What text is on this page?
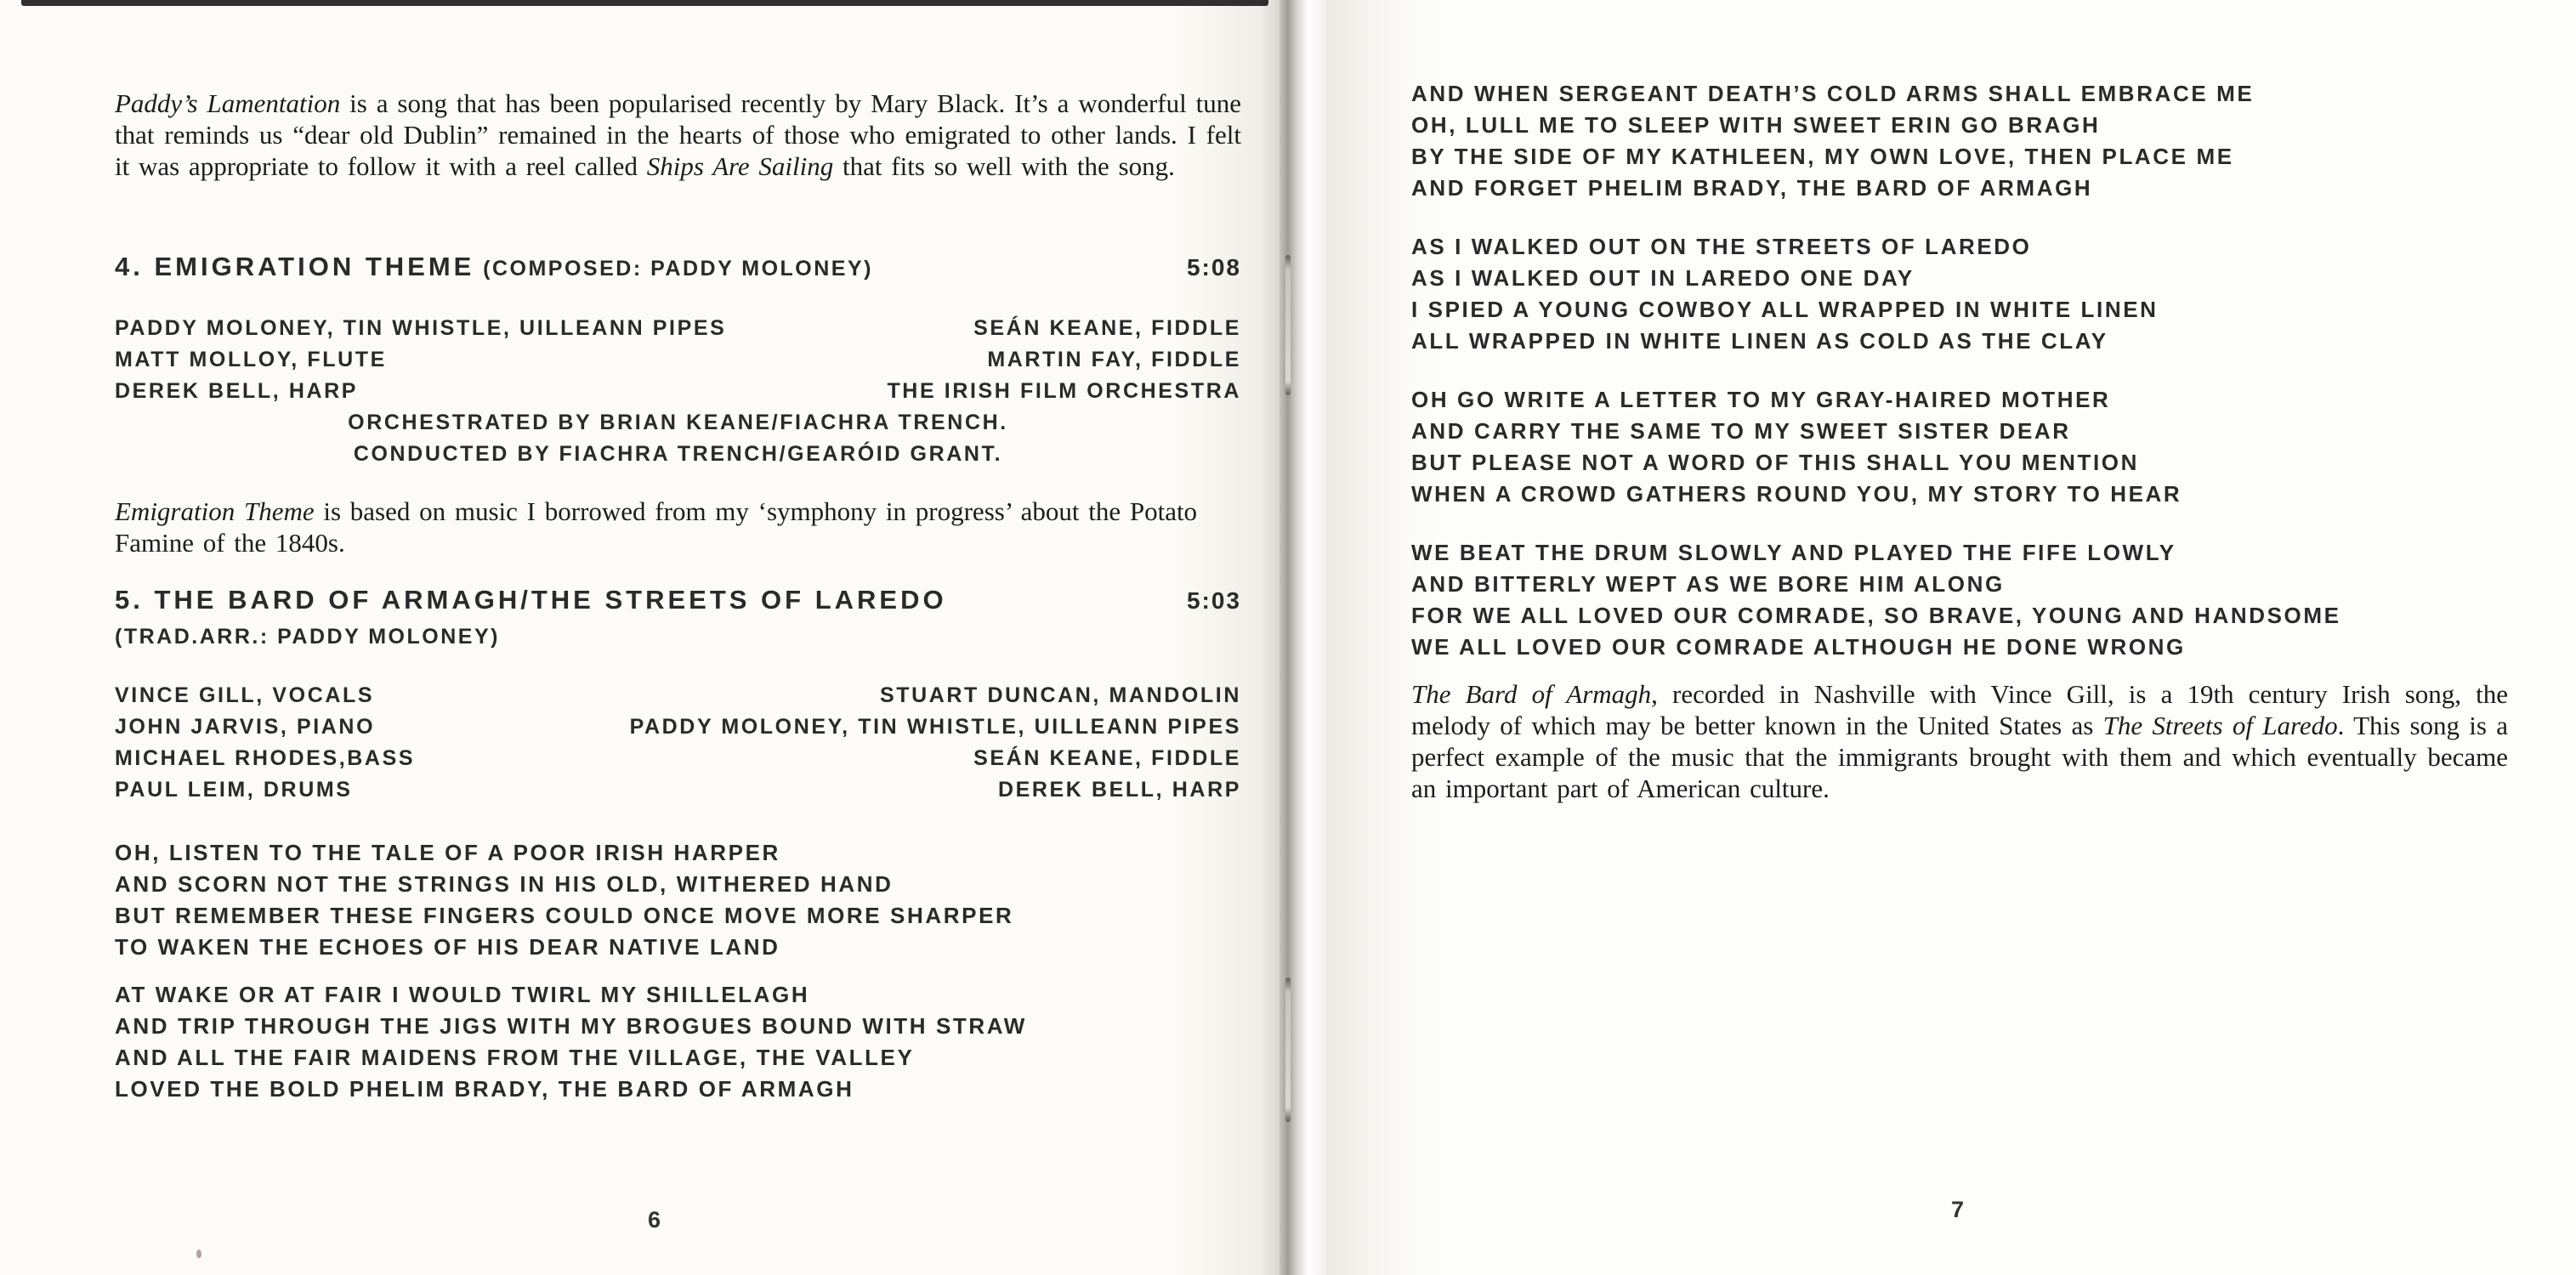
Paddy’s Lamentation is a song that has been popularised recently by Mary Black. It’s a wonderful tune that reminds us “dear old Dublin” remained in the hearts of those who emigrated to other lands. I felt it was appropriate to follow it with a reel called Ships Are Sailing that fits so well with the song.
4. EMIGRATION THEME (COMPOSED: PADDY MOLONEY)	5:08
PADDY MOLONEY, TIN WHISTLE, UILLEANN PIPES	SEÁN KEANE, FIDDLE
MATT MOLLOY, FLUTE	MARTIN FAY, FIDDLE
DEREK BELL, HARP	THE IRISH FILM ORCHESTRA
ORCHESTRATED BY BRIAN KEANE/FIACHRA TRENCH.
CONDUCTED BY FIACHRA TRENCH/GEARÓID GRANT.
Emigration Theme is based on music I borrowed from my ‘symphony in progress’ about the Potato Famine of the 1840s.
5. THE BARD OF ARMAGH/THE STREETS OF LAREDO	5:03
(TRAD.ARR.: PADDY MOLONEY)
VINCE GILL, VOCALS	STUART DUNCAN, MANDOLIN
JOHN JARVIS, PIANO	PADDY MOLONEY, TIN WHISTLE, UILLEANN PIPES
MICHAEL RHODES,BASS	SEÁN KEANE, FIDDLE
PAUL LEIM, DRUMS	DEREK BELL, HARP
OH, LISTEN TO THE TALE OF A POOR IRISH HARPER
AND SCORN NOT THE STRINGS IN HIS OLD, WITHERED HAND
BUT REMEMBER THESE FINGERS COULD ONCE MOVE MORE SHARPER
TO WAKEN THE ECHOES OF HIS DEAR NATIVE LAND
AT WAKE OR AT FAIR I WOULD TWIRL MY SHILLELAGH
AND TRIP THROUGH THE JIGS WITH MY BROGUES BOUND WITH STRAW
AND ALL THE FAIR MAIDENS FROM THE VILLAGE, THE VALLEY
LOVED THE BOLD PHELIM BRADY, THE BARD OF ARMAGH
6
AND WHEN SERGEANT DEATH’S COLD ARMS SHALL EMBRACE ME
OH, LULL ME TO SLEEP WITH SWEET ERIN GO BRAGH
BY THE SIDE OF MY KATHLEEN, MY OWN LOVE, THEN PLACE ME
AND FORGET PHELIM BRADY, THE BARD OF ARMAGH
AS I WALKED OUT ON THE STREETS OF LAREDO
AS I WALKED OUT IN LAREDO ONE DAY
I SPIED A YOUNG COWBOY ALL WRAPPED IN WHITE LINEN
ALL WRAPPED IN WHITE LINEN AS COLD AS THE CLAY
OH GO WRITE A LETTER TO MY GRAY-HAIRED MOTHER
AND CARRY THE SAME TO MY SWEET SISTER DEAR
BUT PLEASE NOT A WORD OF THIS SHALL YOU MENTION
WHEN A CROWD GATHERS ROUND YOU, MY STORY TO HEAR
WE BEAT THE DRUM SLOWLY AND PLAYED THE FIFE LOWLY
AND BITTERLY WEPT AS WE BORE HIM ALONG
FOR WE ALL LOVED OUR COMRADE, SO BRAVE, YOUNG AND HANDSOME
WE ALL LOVED OUR COMRADE ALTHOUGH HE DONE WRONG
The Bard of Armagh, recorded in Nashville with Vince Gill, is a 19th century Irish song, the melody of which may be better known in the United States as The Streets of Laredo. This song is a perfect example of the music that the immigrants brought with them and which eventually became an important part of American culture.
7
